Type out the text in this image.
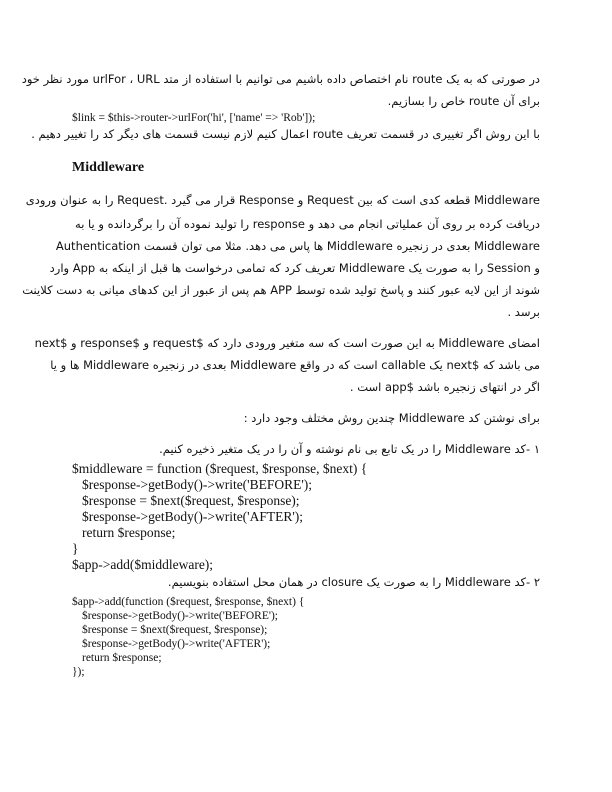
در صورتی که به یک route نام اختصاص داده باشیم می توانیم با استفاده از متد urlFor ، URL مورد نظر خود
برای آن route خاص را بسازیم.
$link = $this->router->urlFor('hi', ['name' => 'Rob']);
با این روش اگر تغییری در قسمت تعریف route اعمال کنیم لازم نیست قسمت های دیگر کد را تغییر دهیم .
Middleware
Middleware قطعه کدی است که بین Request و Response قرار می گیرد .Request را به عنوان ورودی
دریافت کرده بر روی آن عملیاتی انجام می دهد و response را تولید نموده آن را برگردانده و یا به
Middleware بعدی در زنجیره Middleware ها پاس می دهد. مثلا می توان قسمت Authentication
و Session را به صورت یک Middleware تعریف کرد که تمامی درخواست ها قبل از اینکه به App وارد
شوند از این لایه عبور کنند و پاسخ تولید شده توسط APP هم پس از عبور از این کدهای میانی به دست کلاینت
برسد .
امضای Middleware به این صورت است که سه متغیر ورودی دارد که $request و $response و $next
می باشد که $next یک callable است که در واقع Middleware بعدی در زنجیره Middleware ها و یا
اگر در انتهای زنجیره باشد $app است .
برای نوشتن کد Middleware چندین روش مختلف وجود دارد :
۱ -کد Middleware را در یک تابع بی نام نوشته و آن را در یک متغیر ذخیره کنیم.
$middleware = function ($request, $response, $next) {
$response->getBody()->write('BEFORE');
$response = $next($request, $response);
$response->getBody()->write('AFTER');
return $response;
}
$app->add($middleware);
۲ -کد Middleware را به صورت یک closure در همان محل استفاده بنویسیم.
$app->add(function ($request, $response, $next) {
$response->getBody()->write('BEFORE');
$response = $next($request, $response);
$response->getBody()->write('AFTER');
return $response;
});
